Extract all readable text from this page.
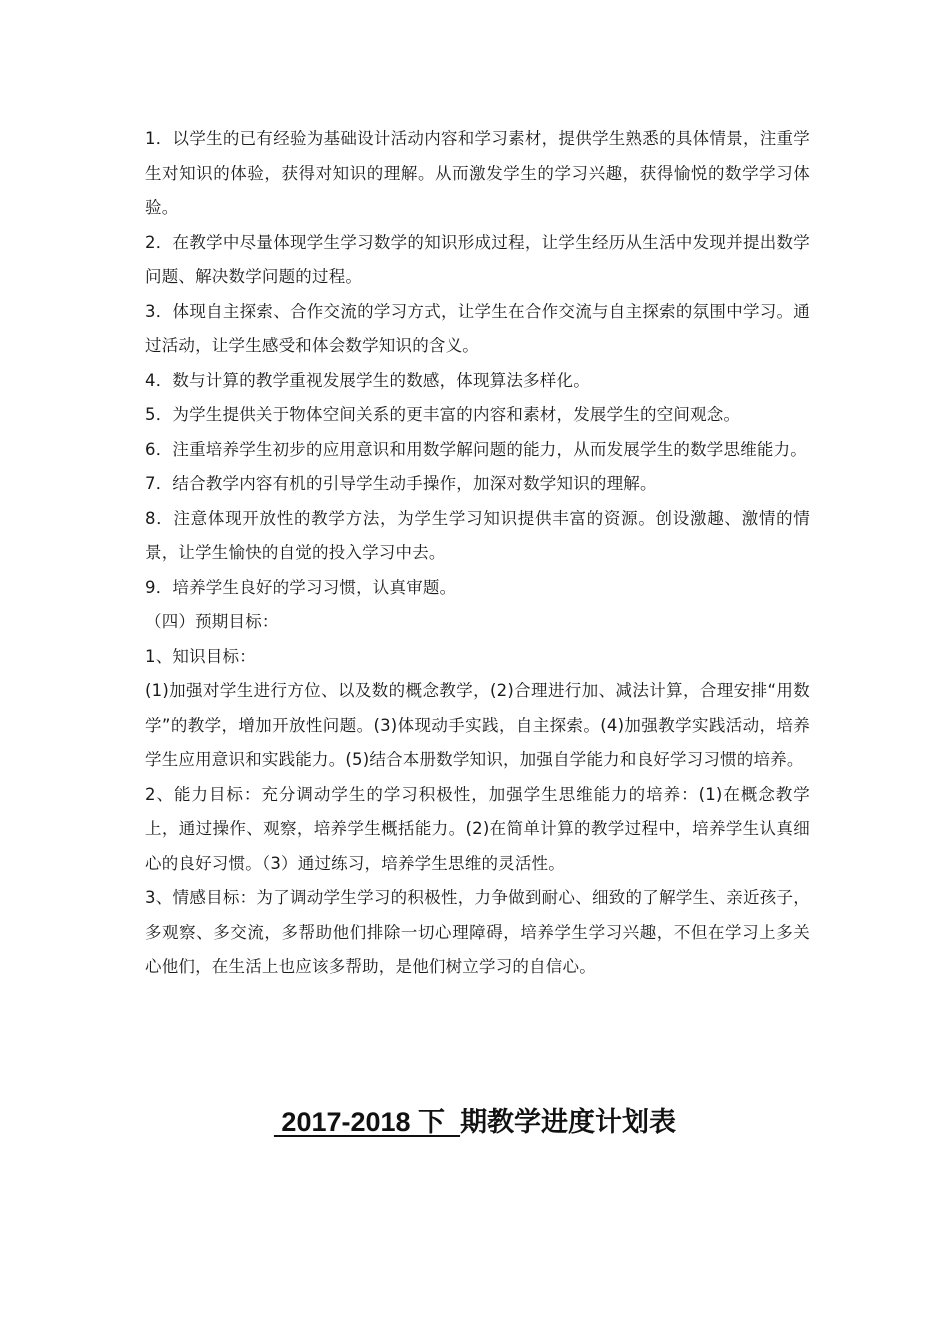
1．以学生的已有经验为基础设计活动内容和学习素材，提供学生熟悉的具体情景，注重学生对知识的体验，获得对知识的理解。从而激发学生的学习兴趣，获得愉悦的数学学习体验。

2．在教学中尽量体现学生学习数学的知识形成过程，让学生经历从生活中发现并提出数学问题、解决数学问题的过程。

3．体现自主探索、合作交流的学习方式，让学生在合作交流与自主探索的氛围中学习。通过活动，让学生感受和体会数学知识的含义。

4．数与计算的教学重视发展学生的数感，体现算法多样化。

5．为学生提供关于物体空间关系的更丰富的内容和素材，发展学生的空间观念。

6．注重培养学生初步的应用意识和用数学解问题的能力，从而发展学生的数学思维能力。

7．结合教学内容有机的引导学生动手操作，加深对数学知识的理解。

8．注意体现开放性的教学方法，为学生学习知识提供丰富的资源。创设激趣、激情的情景，让学生愉快的自觉的投入学习中去。

9．培养学生良好的学习习惯，认真审题。

（四）预期目标：

1、知识目标：

(1)加强对学生进行方位、以及数的概念教学，(2)合理进行加、减法计算，合理安排“用数学”的教学，增加开放性问题。(3)体现动手实践，自主探索。(4)加强教学实践活动，培养学生应用意识和实践能力。(5)结合本册数学知识，加强自学能力和良好学习习惯的培养。

2、能力目标：充分调动学生的学习积极性，加强学生思维能力的培养：(1)在概念教学上，通过操作、观察，培养学生概括能力。(2)在简单计算的教学过程中，培养学生认真细心的良好习惯。（3）通过练习，培养学生思维的灵活性。

3、情感目标：为了调动学生学习的积极性，力争做到耐心、细致的了解学生、亲近孩子，多观察、多交流，多帮助他们排除一切心理障碍，培养学生学习兴趣，不但在学习上多关心他们，在生活上也应该多帮助，是他们树立学习的自信心。

2017-2018 下  期教学进度计划表
